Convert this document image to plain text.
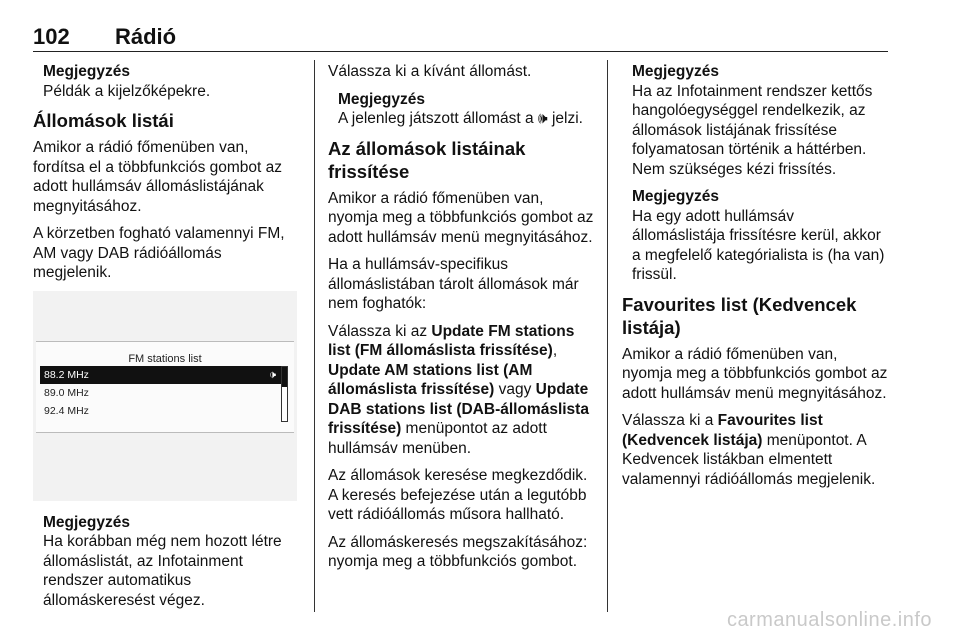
102 Rádió
Megjegyzés
Példák a kijelzőképekre.
Állomások listái

Amikor a rádió főmenüben van, fordítsa el a többfunkciós gombot az adott hullámsáv állomáslistájának megnyitásához.

A körzetben fogható valamennyi FM, AM vagy DAB rádióállomás megjelenik.

FM stations list
88.2 MHz	🕩
89.0 MHz
92.4 MHz
Megjegyzés
Ha korábban még nem hozott létre állomáslistát, az Infotainment rendszer automatikus állomáskeresést végez.

Válassza ki a kívánt állomást.

Megjegyzés
A jelenleg játszott állomást a 🕪 jelzi.
Az állomások listáinak frissítése

Amikor a rádió főmenüben van, nyomja meg a többfunkciós gombot az adott hullámsáv menü megnyitásához.

Ha a hullámsáv-specifikus állomáslistában tárolt állomások már nem foghatók:

Válassza ki az Update FM stations list (FM állomáslista frissítése), Update AM stations list (AM állomáslista frissítése) vagy Update DAB stations list (DAB-állomáslista frissítése) menüpontot az adott hullámsáv menüben.

Az állomások keresése megkezdődik. A keresés befejezése után a legutóbb vett rádióállomás műsora hallható.

Az állomáskeresés megszakításához: nyomja meg a többfunkciós gombot.

Megjegyzés
Ha az Infotainment rendszer kettős hangolóegységgel rendelkezik, az állomások listájának frissítése folyamatosan történik a háttérben. Nem szükséges kézi frissítés.
Megjegyzés
Ha egy adott hullámsáv állomáslistája frissítésre kerül, akkor a megfelelő kategórialista is (ha van) frissül.
Favourites list (Kedvencek listája)

Amikor a rádió főmenüben van, nyomja meg a többfunkciós gombot az adott hullámsáv menü megnyitásához.

Válassza ki a Favourites list (Kedvencek listája) menüpontot. A Kedvencek listákban elmentett valamennyi rádióállomás megjelenik.

carmanualsonline.info
